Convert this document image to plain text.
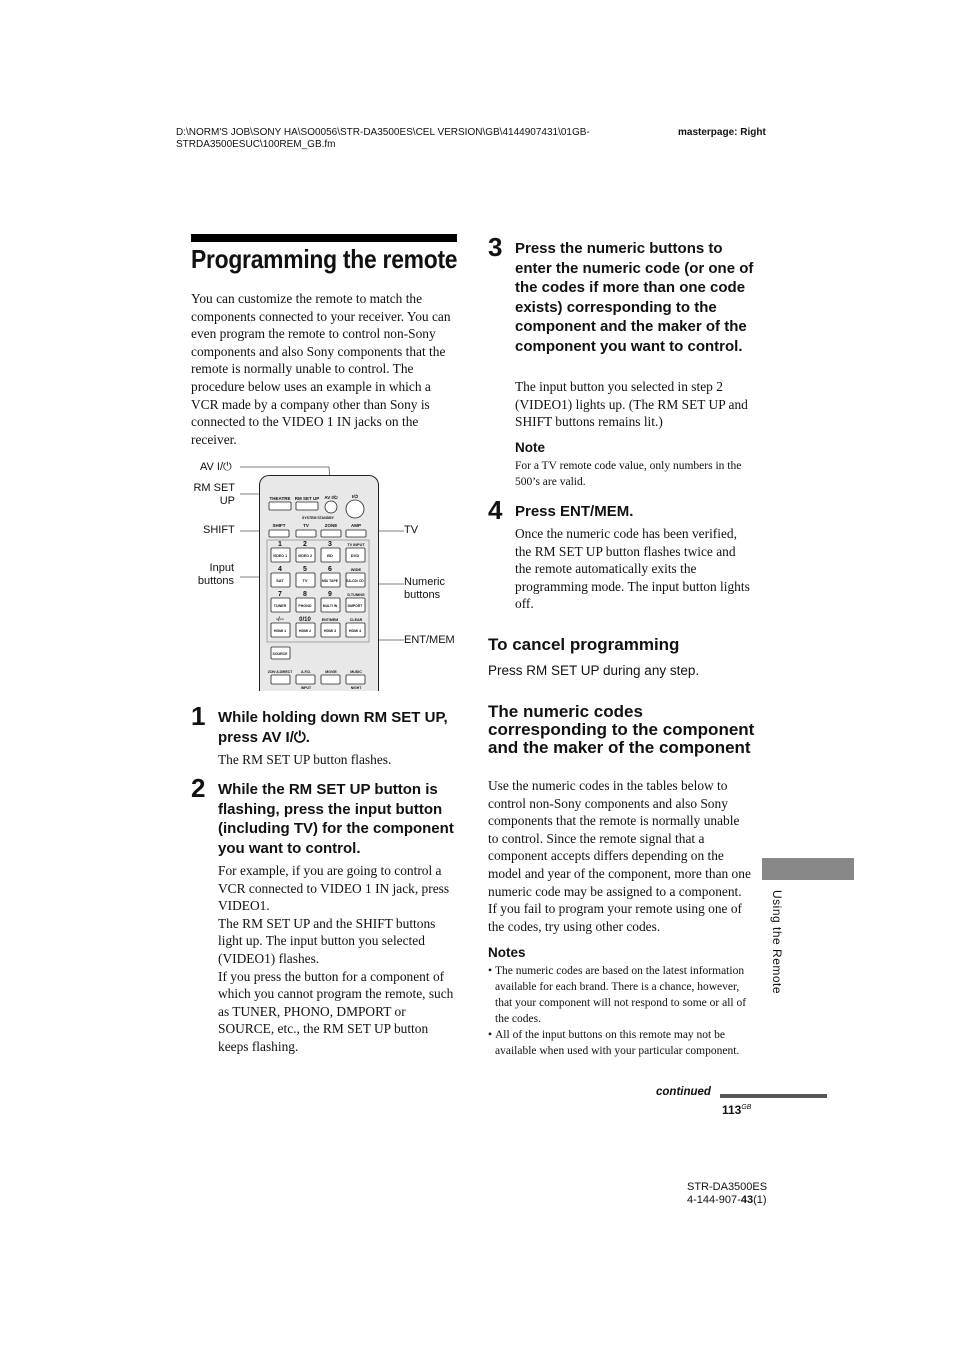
D:\NORM'S JOB\SONY HA\SO0056\STR-DA3500ES\CEL VERSION\GB\4144907431\01GB-
STRDA3500ESUC\100REM_GB.fm
masterpage: Right
Programming the remote
You can customize the remote to match the components connected to your receiver. You can even program the remote to control non-Sony components and also Sony components that the remote is normally unable to control. The procedure below uses an example in which a VCR made by a company other than Sony is connected to the VIDEO 1 IN jacks on the receiver.
AV I/⏻
RM SET
UP
SHIFT
Input
buttons
TV
Numeric
buttons
ENT/MEM
THEATRE RM SET UP AV I/⏻	I/⏻
SYSTEM STANDBY
SHIFT	TV	ZONE	AMP
1	2	3	TV INPUT
VIDEO 1	VIDEO 2	BD	DVD
4	5	6	WIDE
SAT	TV	MD/ TAPE SA-CD/ CD
7	8	9	D.TUNING
TUNER	PHONO	MULTI IN	DMPORT
-/--	0/10	ENT/MEM	CLEAR
HDMI 1	HDMI 2	HDMI 3	HDMI 4
SOURCE
2CH/ A.DIRECT A.F.D.	MOVIE	MUSIC
INPUT	NIGHT
1 While holding down RM SET UP, press AV I/⏻.
The RM SET UP button flashes.
2 While the RM SET UP button is flashing, press the input button (including TV) for the component you want to control.
For example, if you are going to control a VCR connected to VIDEO 1 IN jack, press VIDEO1.
The RM SET UP and the SHIFT buttons light up. The input button you selected (VIDEO1) flashes.
If you press the button for a component of which you cannot program the remote, such as TUNER, PHONO, DMPORT or SOURCE, etc., the RM SET UP button keeps flashing.
3 Press the numeric buttons to enter the numeric code (or one of the codes if more than one code exists) corresponding to the component and the maker of the component you want to control.
The input button you selected in step 2 (VIDEO1) lights up. (The RM SET UP and SHIFT buttons remains lit.)
Note
For a TV remote code value, only numbers in the 500’s are valid.
4 Press ENT/MEM.
Once the numeric code has been verified, the RM SET UP button flashes twice and the remote automatically exits the programming mode. The input button lights off.
To cancel programming
Press RM SET UP during any step.
The numeric codes corresponding to the component and the maker of the component
Use the numeric codes in the tables below to control non-Sony components and also Sony components that the remote is normally unable to control. Since the remote signal that a component accepts differs depending on the model and year of the component, more than one numeric code may be assigned to a component. If you fail to program your remote using one of the codes, try using other codes.
Notes
• The numeric codes are based on the latest information available for each brand. There is a chance, however, that your component will not respond to some or all of the codes.
• All of the input buttons on this remote may not be available when used with your particular component.
Using the Remote
continued
$113^{GB}$
STR-DA3500ES
4-144-907-43(1)
